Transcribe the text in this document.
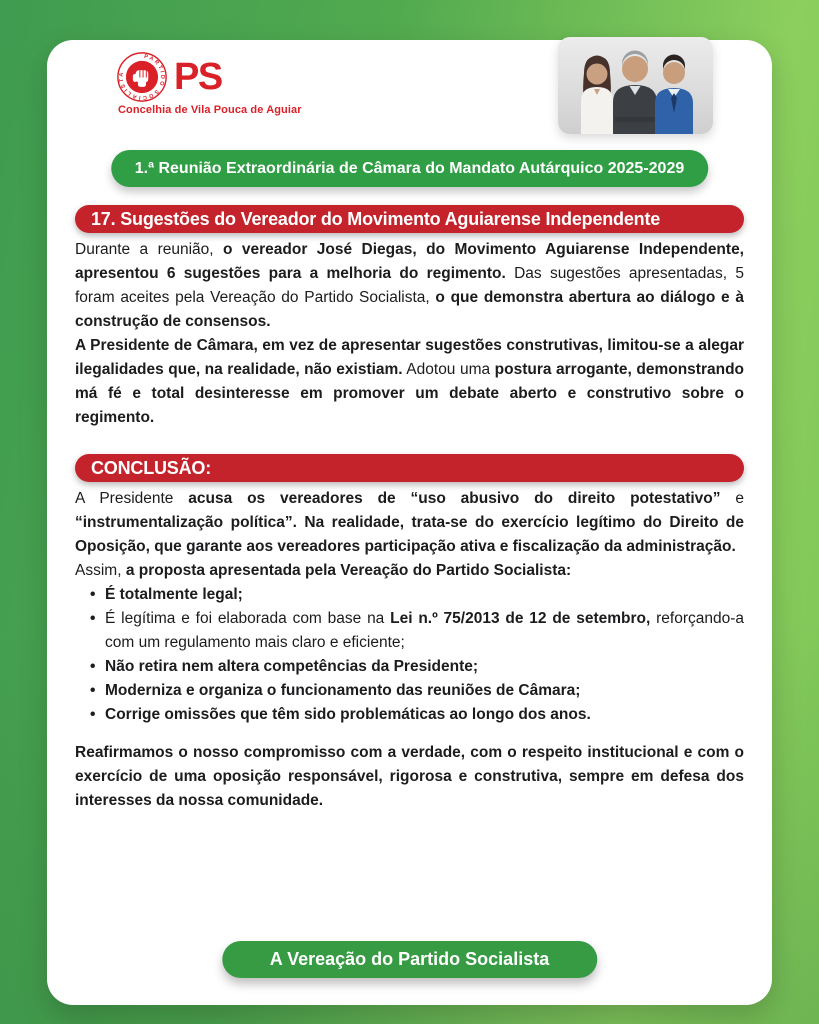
PARTIDO SOCIALISTA	PS
Concelhia de Vila Pouca de Aguiar
1.ª Reunião Extraordinária de Câmara do Mandato Autárquico 2025-2029
17. Sugestões do Vereador do Movimento Aguiarense Independente

Durante a reunião, o vereador José Diegas, do Movimento Aguiarense Independente, apresentou 6 sugestões para a melhoria do regimento. Das sugestões apresentadas, 5 foram aceites pela Vereação do Partido Socialista, o que demonstra abertura ao diálogo e à construção de consensos.

A Presidente de Câmara, em vez de apresentar sugestões construtivas, limitou-se a alegar ilegalidades que, na realidade, não existiam. Adotou uma postura arrogante, demonstrando má fé e total desinteresse em promover um debate aberto e construtivo sobre o regimento.

CONCLUSÃO:

A Presidente acusa os vereadores de “uso abusivo do direito potestativo” e “instrumentalização política”. Na realidade, trata-se do exercício legítimo do Direito de Oposição, que garante aos vereadores participação ativa e fiscalização da administração.

Assim, a proposta apresentada pela Vereação do Partido Socialista:

• É totalmente legal;
• É legítima e foi elaborada com base na Lei n.º 75/2013 de 12 de setembro, reforçando-a com um regulamento mais claro e eficiente;
• Não retira nem altera competências da Presidente;
• Moderniza e organiza o funcionamento das reuniões de Câmara;
• Corrige omissões que têm sido problemáticas ao longo dos anos.

Reafirmamos o nosso compromisso com a verdade, com o respeito institucional e com o exercício de uma oposição responsável, rigorosa e construtiva, sempre em defesa dos interesses da nossa comunidade.

A Vereação do Partido Socialista
